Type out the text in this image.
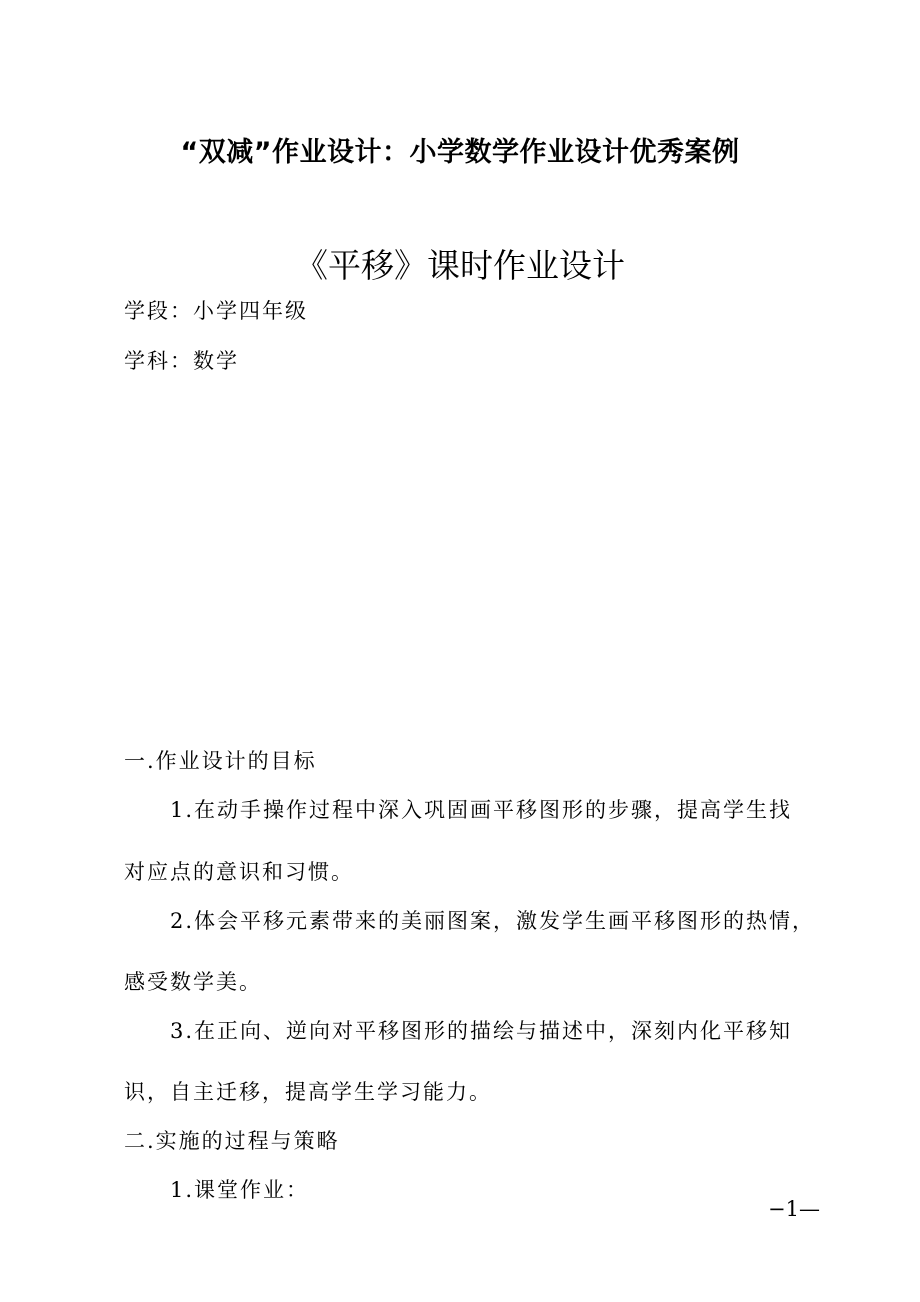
“双减”作业设计：小学数学作业设计优秀案例
《平移》课时作业设计
学段：小学四年级
学科：数学
一.作业设计的目标
1.在动手操作过程中深入巩固画平移图形的步骤，提高学生找
对应点的意识和习惯。
2.体会平移元素带来的美丽图案，激发学生画平移图形的热情，
感受数学美。
3.在正向、逆向对平移图形的描绘与描述中，深刻内化平移知
识，自主迁移，提高学生学习能力。
二.实施的过程与策略
1.课堂作业：
−1—
